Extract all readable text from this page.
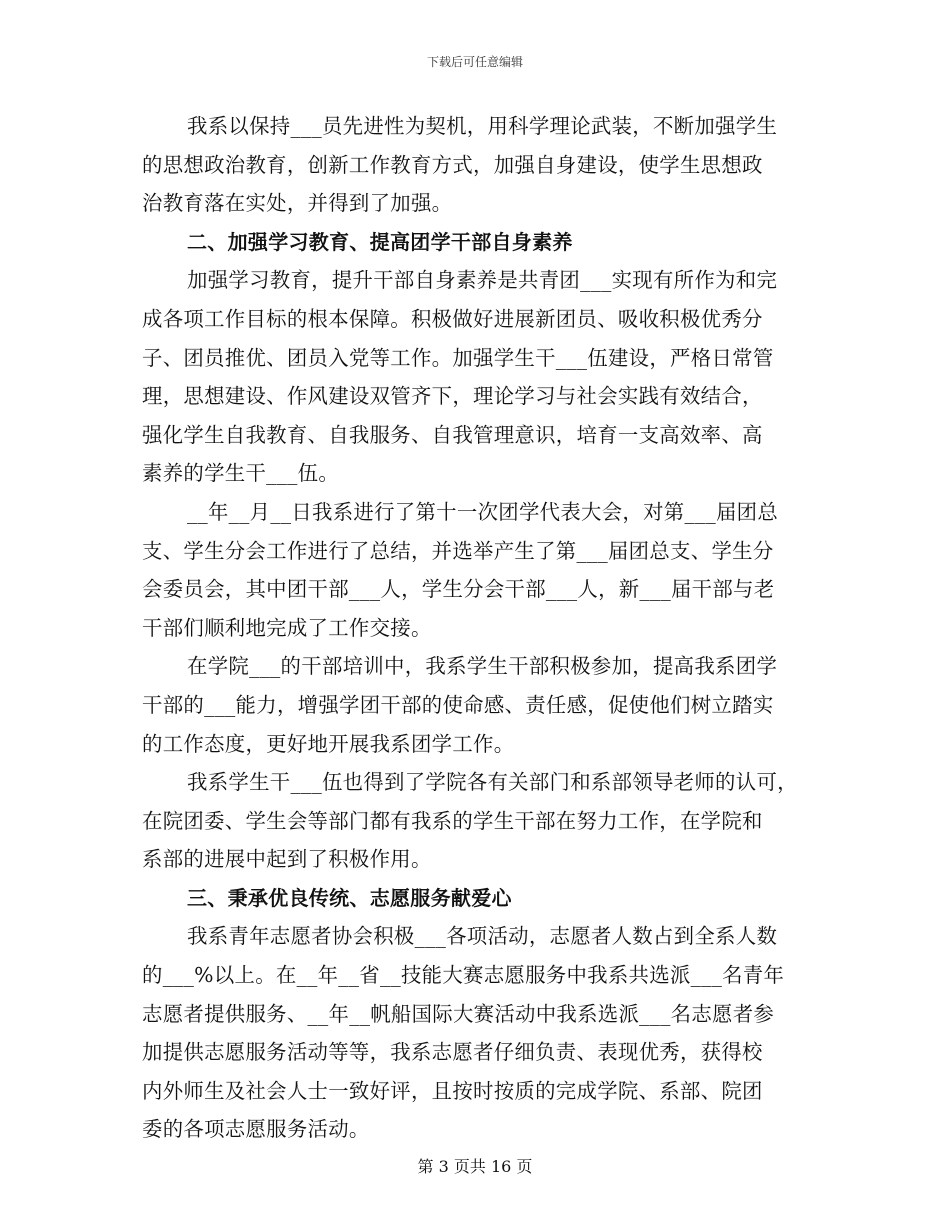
下载后可任意编辑
我系以保持___员先进性为契机，用科学理论武装，不断加强学生
的思想政治教育，创新工作教育方式，加强自身建设，使学生思想政
治教育落在实处，并得到了加强。
二、加强学习教育、提高团学干部自身素养
加强学习教育，提升干部自身素养是共青团___实现有所作为和完
成各项工作目标的根本保障。积极做好进展新团员、吸收积极优秀分
子、团员推优、团员入党等工作。加强学生干___伍建设，严格日常管
理，思想建设、作风建设双管齐下，理论学习与社会实践有效结合，
强化学生自我教育、自我服务、自我管理意识，培育一支高效率、高
素养的学生干___伍。
__年__月__日我系进行了第十一次团学代表大会，对第___届团总
支、学生分会工作进行了总结，并选举产生了第___届团总支、学生分
会委员会，其中团干部___人，学生分会干部___人，新___届干部与老
干部们顺利地完成了工作交接。
在学院___的干部培训中，我系学生干部积极参加，提高我系团学
干部的___能力，增强学团干部的使命感、责任感，促使他们树立踏实
的工作态度，更好地开展我系团学工作。
我系学生干___伍也得到了学院各有关部门和系部领导老师的认可，
在院团委、学生会等部门都有我系的学生干部在努力工作，在学院和
系部的进展中起到了积极作用。
三、秉承优良传统、志愿服务献爱心
我系青年志愿者协会积极___各项活动，志愿者人数占到全系人数
的___%以上。在__年__省__技能大赛志愿服务中我系共选派___名青年
志愿者提供服务、__年__帆船国际大赛活动中我系选派___名志愿者参
加提供志愿服务活动等等，我系志愿者仔细负责、表现优秀，获得校
内外师生及社会人士一致好评，且按时按质的完成学院、系部、院团
委的各项志愿服务活动。
第 3 页共 16 页
